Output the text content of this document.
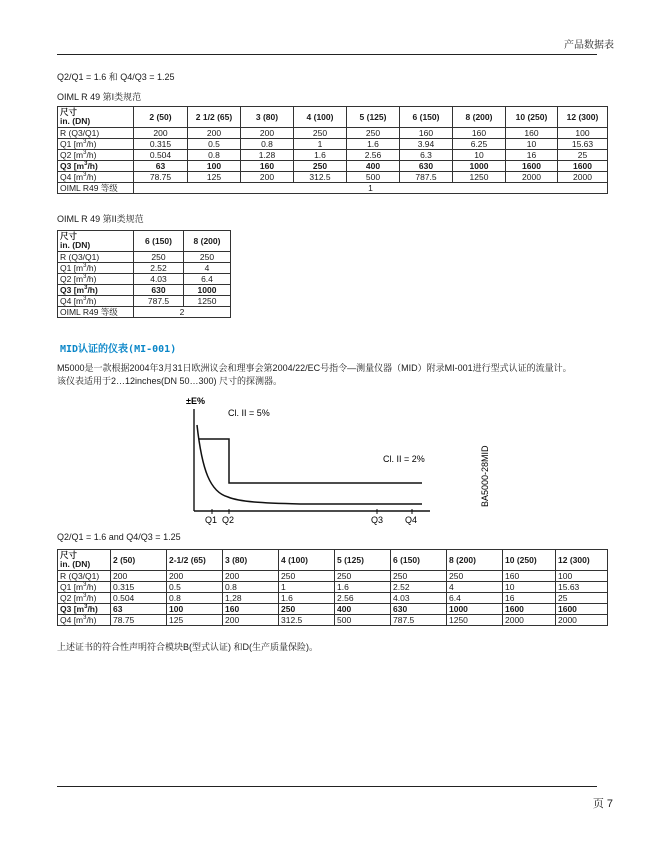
产品数据表
Q2/Q1 = 1.6 和 Q4/Q3 = 1.25
OIML R 49 第I类规范
尺寸
in. (DN)	2 (50)	2 1/2 (65)	3 (80)	4 (100)	5 (125)	6 (150)	8 (200)	10 (250)	12 (300)
R (Q3/Q1)	200	200	200	250	250	160	160	160	100
Q1 $[m^3/h)$	0.315	0.5	0.8	1	1.6	3.94	6.25	10	15.63
Q2 $[m^3/h)$	0.504	0.8	1.28	1.6	2.56	6.3	10	16	25
Q3 $[m^3/h)$	63	100	160	250	400	630	1000	1600	1600
Q4 $[m^3/h)$	78.75	125	200	312.5	500	787.5	1250	2000	2000
OIML R49 等级	1								
OIML R 49 第II类规范
尺寸
in. (DN)	6 (150)	8 (200)
R (Q3/Q1)	250	250
Q1 $[m^3/h)$	2.52	4
Q2 $[m^3/h)$	4.03	6.4
Q3 $[m^3/h)$	630	1000
Q4 $[m^3/h)$	787.5	1250
OIML R49 等级	2	
MID认证的仪表(MI-001)
M5000是一款根据2004年3月31日欧洲议会和理事会第2004/22/EC号指令—测量仪器（MID）附录MI-001进行型式认证的流量计。
该仪表适用于2…12inches(DN 50…300) 尺寸的探测器。
±E%
Cl. II = 5%
Cl. II = 2%
Q1 Q2	Q3 Q4
BA5000-28MID
Q2/Q1 = 1.6 and Q4/Q3 = 1.25
尺寸
in. (DN)	2 (50)	2-1/2 (65)	3 (80)	4 (100)	5 (125)	6 (150)	8 (200)	10 (250)	12 (300)
R (Q3/Q1)	200	200	200	250	250	250	250	160	100
Q1 $[m^3/h)$	0.315	0.5	0.8	1	1.6	2.52	4	10	15.63
Q2 $[m^3/h)$	0.504	0.8	1,28	1.6	2.56	4.03	6.4	16	25
Q3 $[m^3/h)$	63	100	160	250	400	630	1000	1600	1600
Q4 $[m^3/h)$	78.75	125	200	312.5	500	787.5	1250	2000	2000
上述证书的符合性声明符合模块B(型式认证) 和D(生产质量保险)。
页 7
